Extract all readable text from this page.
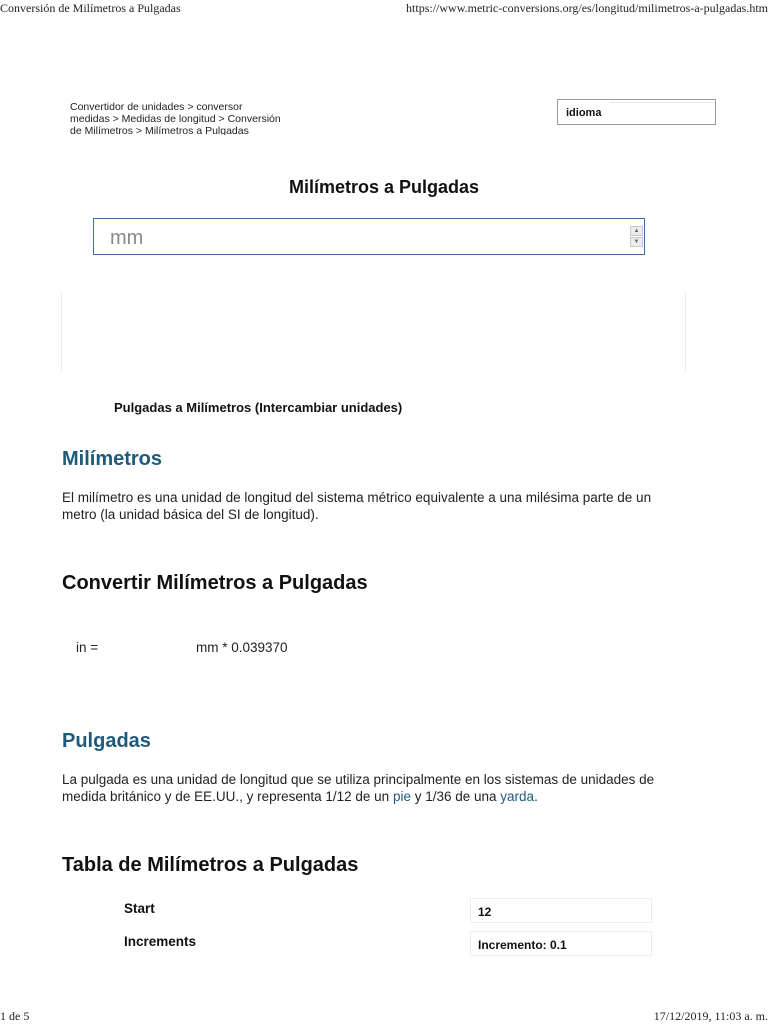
Conversión de Milímetros a Pulgadas	https://www.metric-conversions.org/es/longitud/milimetros-a-pulgadas.htm
Convertidor de unidades > conversor medidas > Medidas de longitud > Conversión de Milímetros > Milímetros a Pulgadas
idioma
Milímetros a Pulgadas
mm	▲
▼
Pulgadas a Milímetros (Intercambiar unidades)
Milímetros
El milímetro es una unidad de longitud del sistema métrico equivalente a una milésima parte de un metro (la unidad básica del SI de longitud).
Convertir Milímetros a Pulgadas
in =	mm * 0.039370
Pulgadas
La pulgada es una unidad de longitud que se utiliza principalmente en los sistemas de unidades de medida británico y de EE.UU., y representa 1/12 de un pie y 1/36 de una yarda.
Tabla de Milímetros a Pulgadas
Start	12
Increments	Incremento: 0.1
1 de 5	17/12/2019, 11:03 a. m.
